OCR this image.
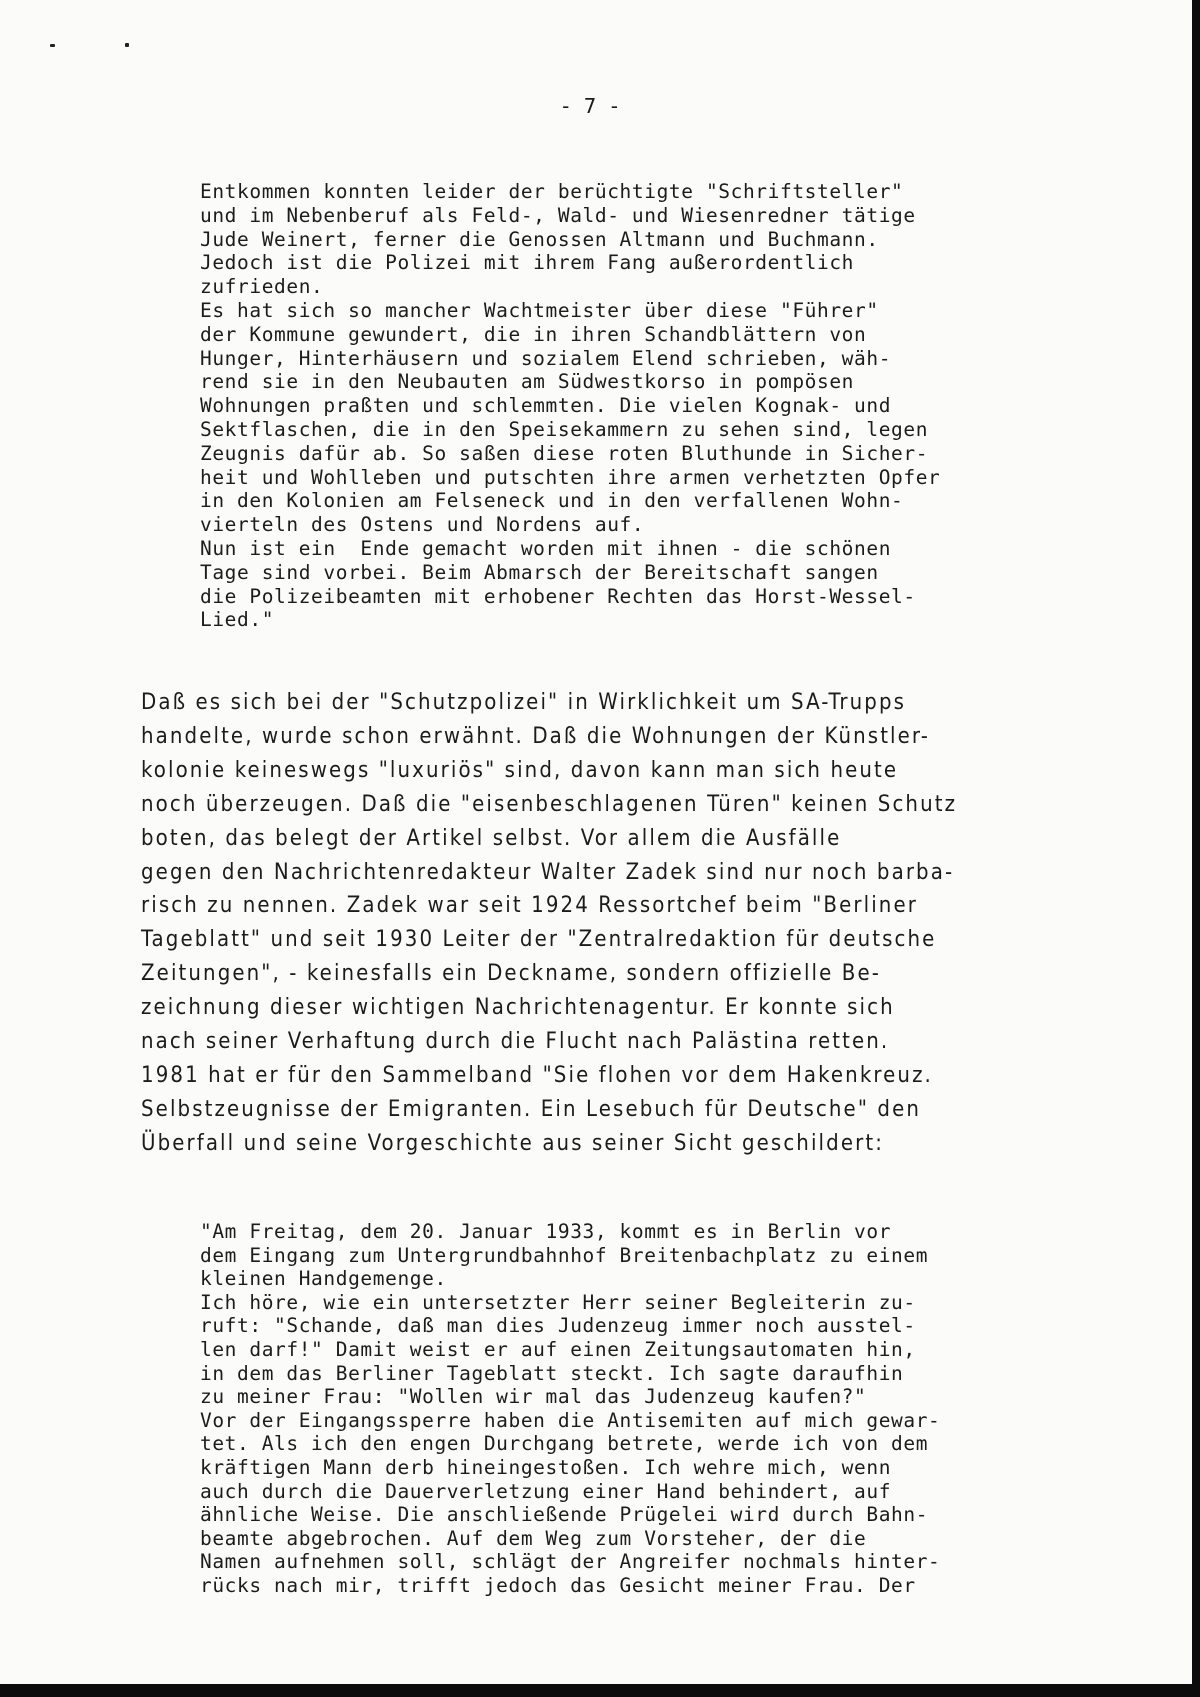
- 7 -
Entkommen konnten leider der berüchtigte "Schriftsteller"
und im Nebenberuf als Feld-, Wald- und Wiesenredner tätige
Jude Weinert, ferner die Genossen Altmann und Buchmann.
Jedoch ist die Polizei mit ihrem Fang außerordentlich
zufrieden.
Es hat sich so mancher Wachtmeister über diese "Führer"
der Kommune gewundert, die in ihren Schandblättern von
Hunger, Hinterhäusern und sozialem Elend schrieben, wäh-
rend sie in den Neubauten am Südwestkorso in pompösen
Wohnungen praßten und schlemmten. Die vielen Kognak- und
Sektflaschen, die in den Speisekammern zu sehen sind, legen
Zeugnis dafür ab. So saßen diese roten Bluthunde in Sicher-
heit und Wohlleben und putschten ihre armen verhetzten Opfer
in den Kolonien am Felseneck und in den verfallenen Wohn-
vierteln des Ostens und Nordens auf.
Nun ist ein  Ende gemacht worden mit ihnen - die schönen
Tage sind vorbei. Beim Abmarsch der Bereitschaft sangen
die Polizeibeamten mit erhobener Rechten das Horst-Wessel-
Lied."
Daß es sich bei der "Schutzpolizei" in Wirklichkeit um SA-Trupps
handelte, wurde schon erwähnt. Daß die Wohnungen der Künstler-
kolonie keineswegs "luxuriös" sind, davon kann man sich heute
noch überzeugen. Daß die "eisenbeschlagenen Türen" keinen Schutz
boten, das belegt der Artikel selbst. Vor allem die Ausfälle
gegen den Nachrichtenredakteur Walter Zadek sind nur noch barba-
risch zu nennen. Zadek war seit 1924 Ressortchef beim "Berliner
Tageblatt" und seit 1930 Leiter der "Zentralredaktion für deutsche
Zeitungen", - keinesfalls ein Deckname, sondern offizielle Be-
zeichnung dieser wichtigen Nachrichtenagentur. Er konnte sich
nach seiner Verhaftung durch die Flucht nach Palästina retten.
1981 hat er für den Sammelband "Sie flohen vor dem Hakenkreuz.
Selbstzeugnisse der Emigranten. Ein Lesebuch für Deutsche" den
Überfall und seine Vorgeschichte aus seiner Sicht geschildert:
"Am Freitag, dem 20. Januar 1933, kommt es in Berlin vor
dem Eingang zum Untergrundbahnhof Breitenbachplatz zu einem
kleinen Handgemenge.
Ich höre, wie ein untersetzter Herr seiner Begleiterin zu-
ruft: "Schande, daß man dies Judenzeug immer noch ausstel-
len darf!" Damit weist er auf einen Zeitungsautomaten hin,
in dem das Berliner Tageblatt steckt. Ich sagte daraufhin
zu meiner Frau: "Wollen wir mal das Judenzeug kaufen?"
Vor der Eingangssperre haben die Antisemiten auf mich gewar-
tet. Als ich den engen Durchgang betrete, werde ich von dem
kräftigen Mann derb hineingestoßen. Ich wehre mich, wenn
auch durch die Dauerverletzung einer Hand behindert, auf
ähnliche Weise. Die anschließende Prügelei wird durch Bahn-
beamte abgebrochen. Auf dem Weg zum Vorsteher, der die
Namen aufnehmen soll, schlägt der Angreifer nochmals hinter-
rücks nach mir, trifft jedoch das Gesicht meiner Frau. Der
